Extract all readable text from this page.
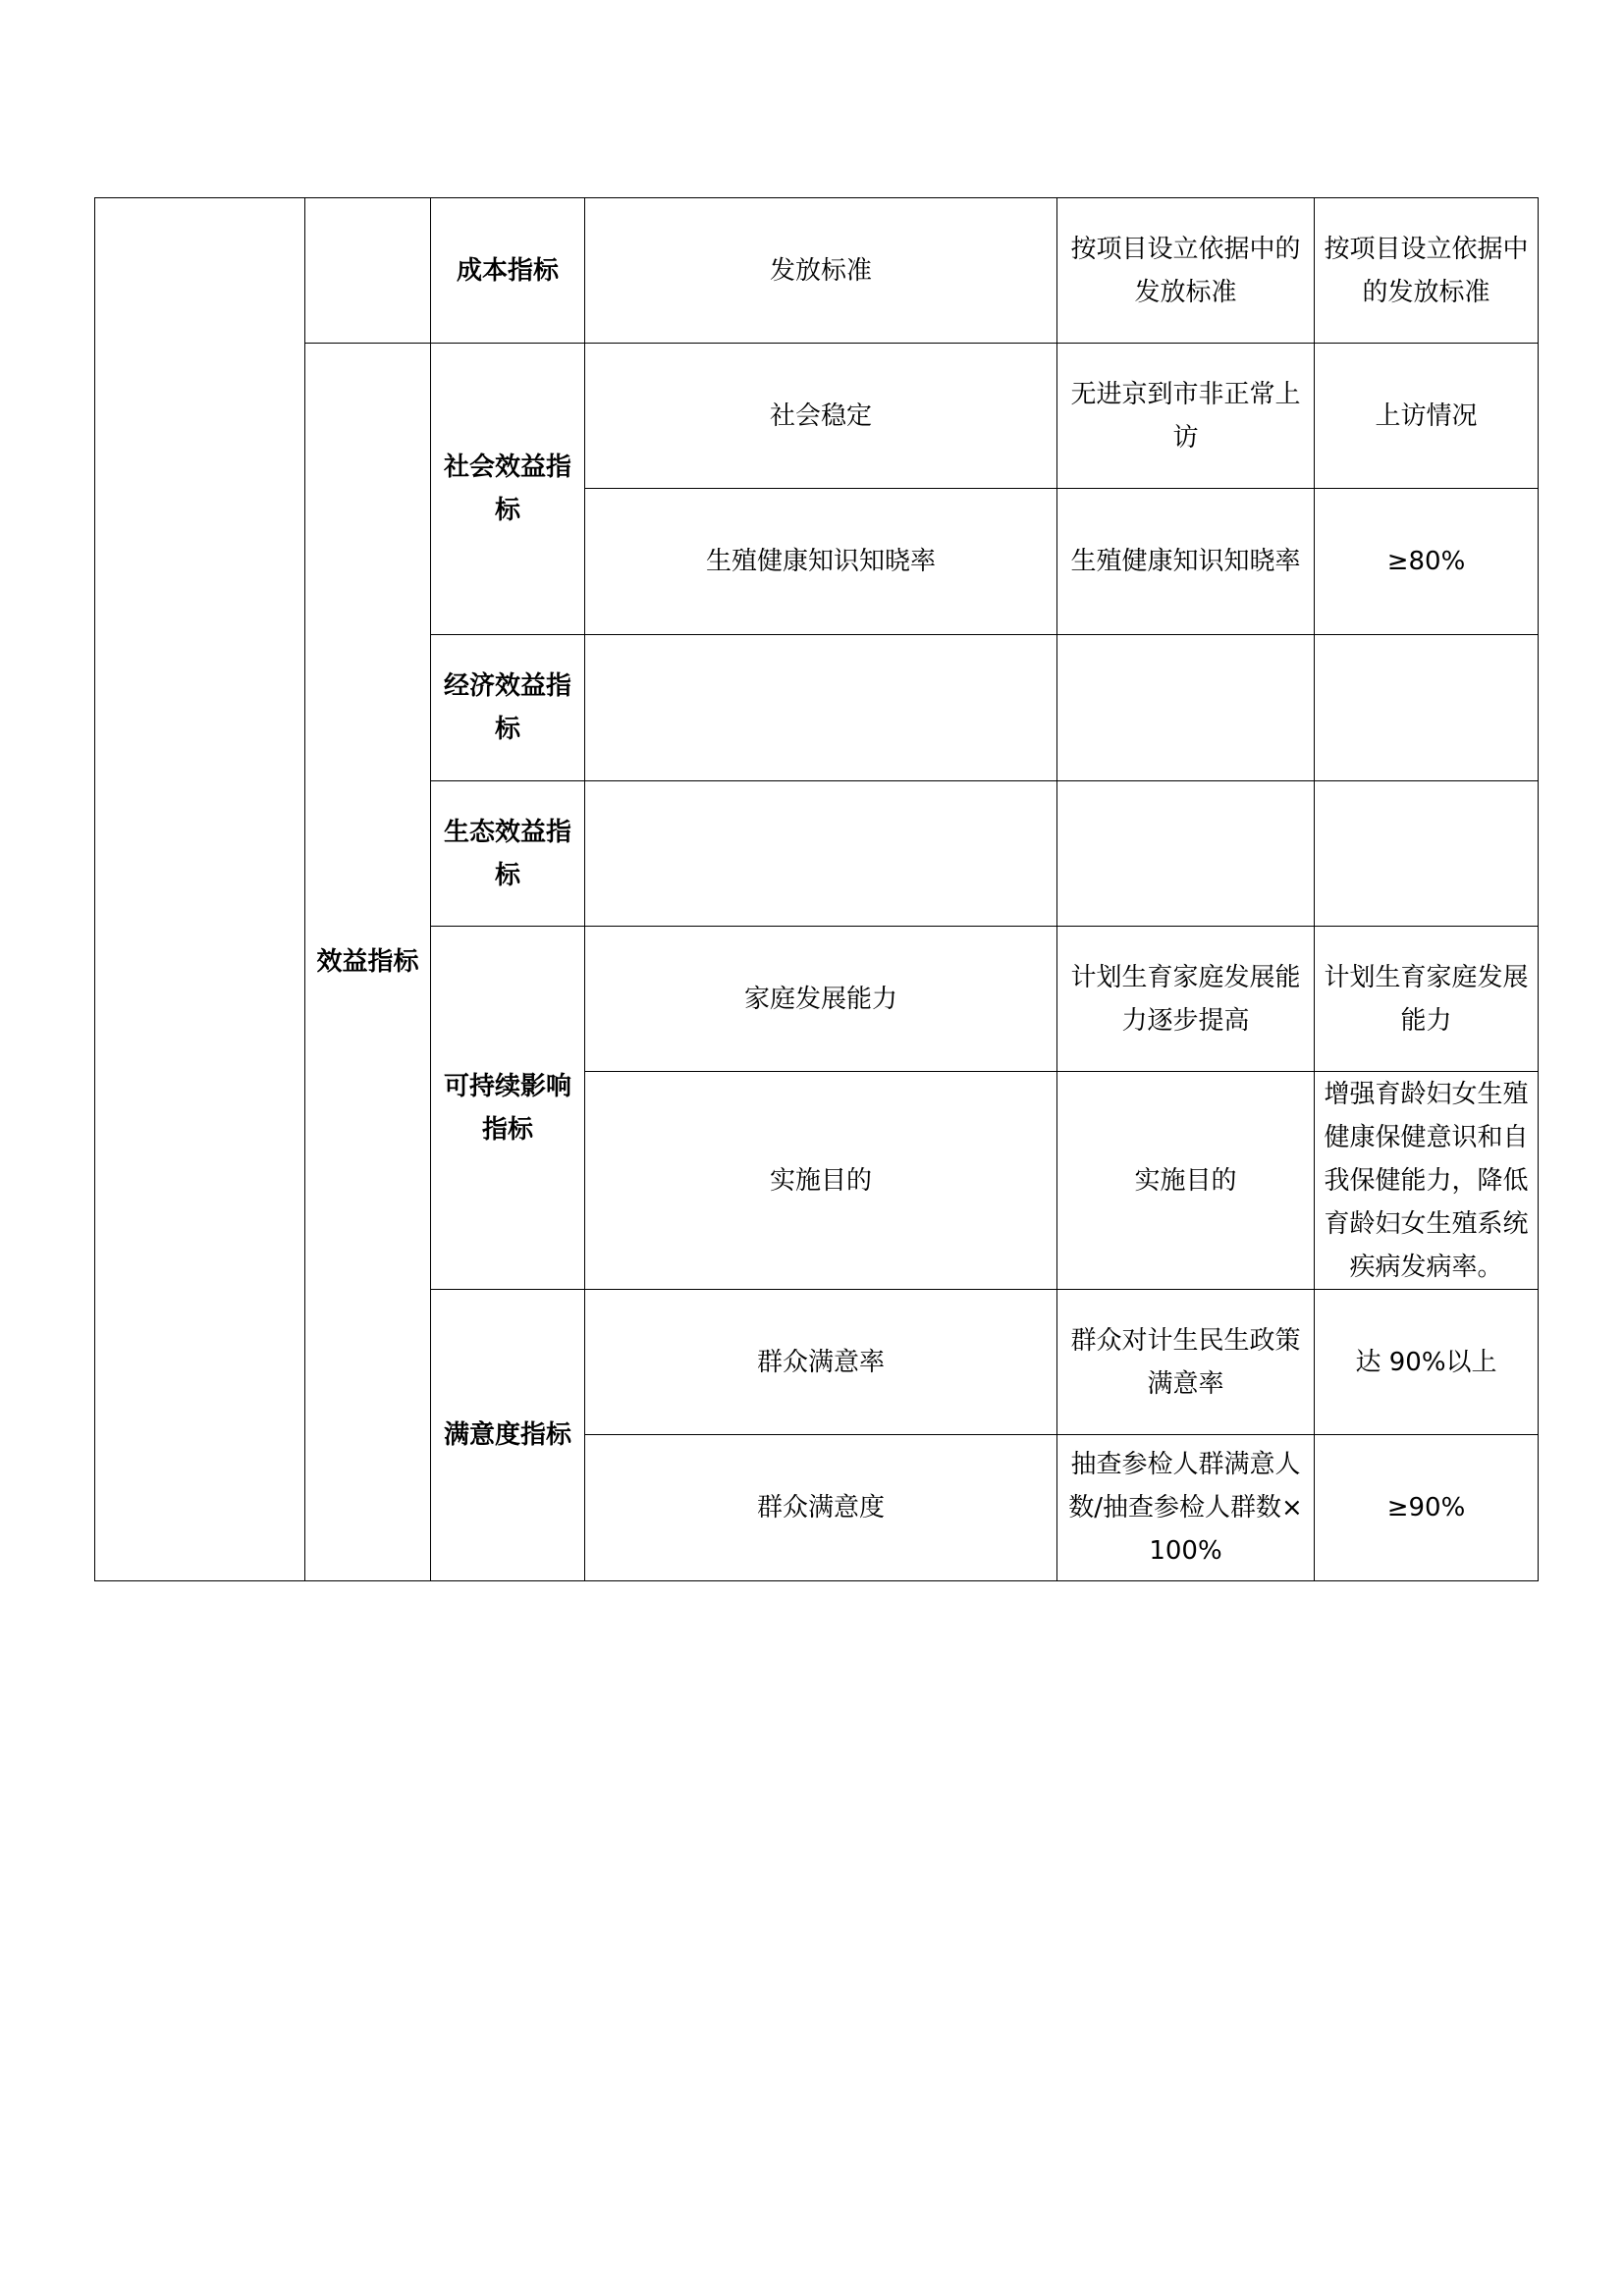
		成本指标	发放标准	按项目设立依据中的发放标准	按项目设立依据中的发放标准
	效益指标	社会效益指标	社会稳定	无进京到市非正常上访	上访情况
			生殖健康知识知晓率	生殖健康知识知晓率	≥80%
		经济效益指标			
		生态效益指标			
		可持续影响指标	家庭发展能力	计划生育家庭发展能力逐步提高	计划生育家庭发展能力
			实施目的	实施目的	增强育龄妇女生殖健康保健意识和自我保健能力，降低育龄妇女生殖系统疾病发病率。
		满意度指标	群众满意率	群众对计生民生政策满意率	达 90%以上
			群众满意度	抽查参检人群满意人数/抽查参检人群数×100%	≥90%
